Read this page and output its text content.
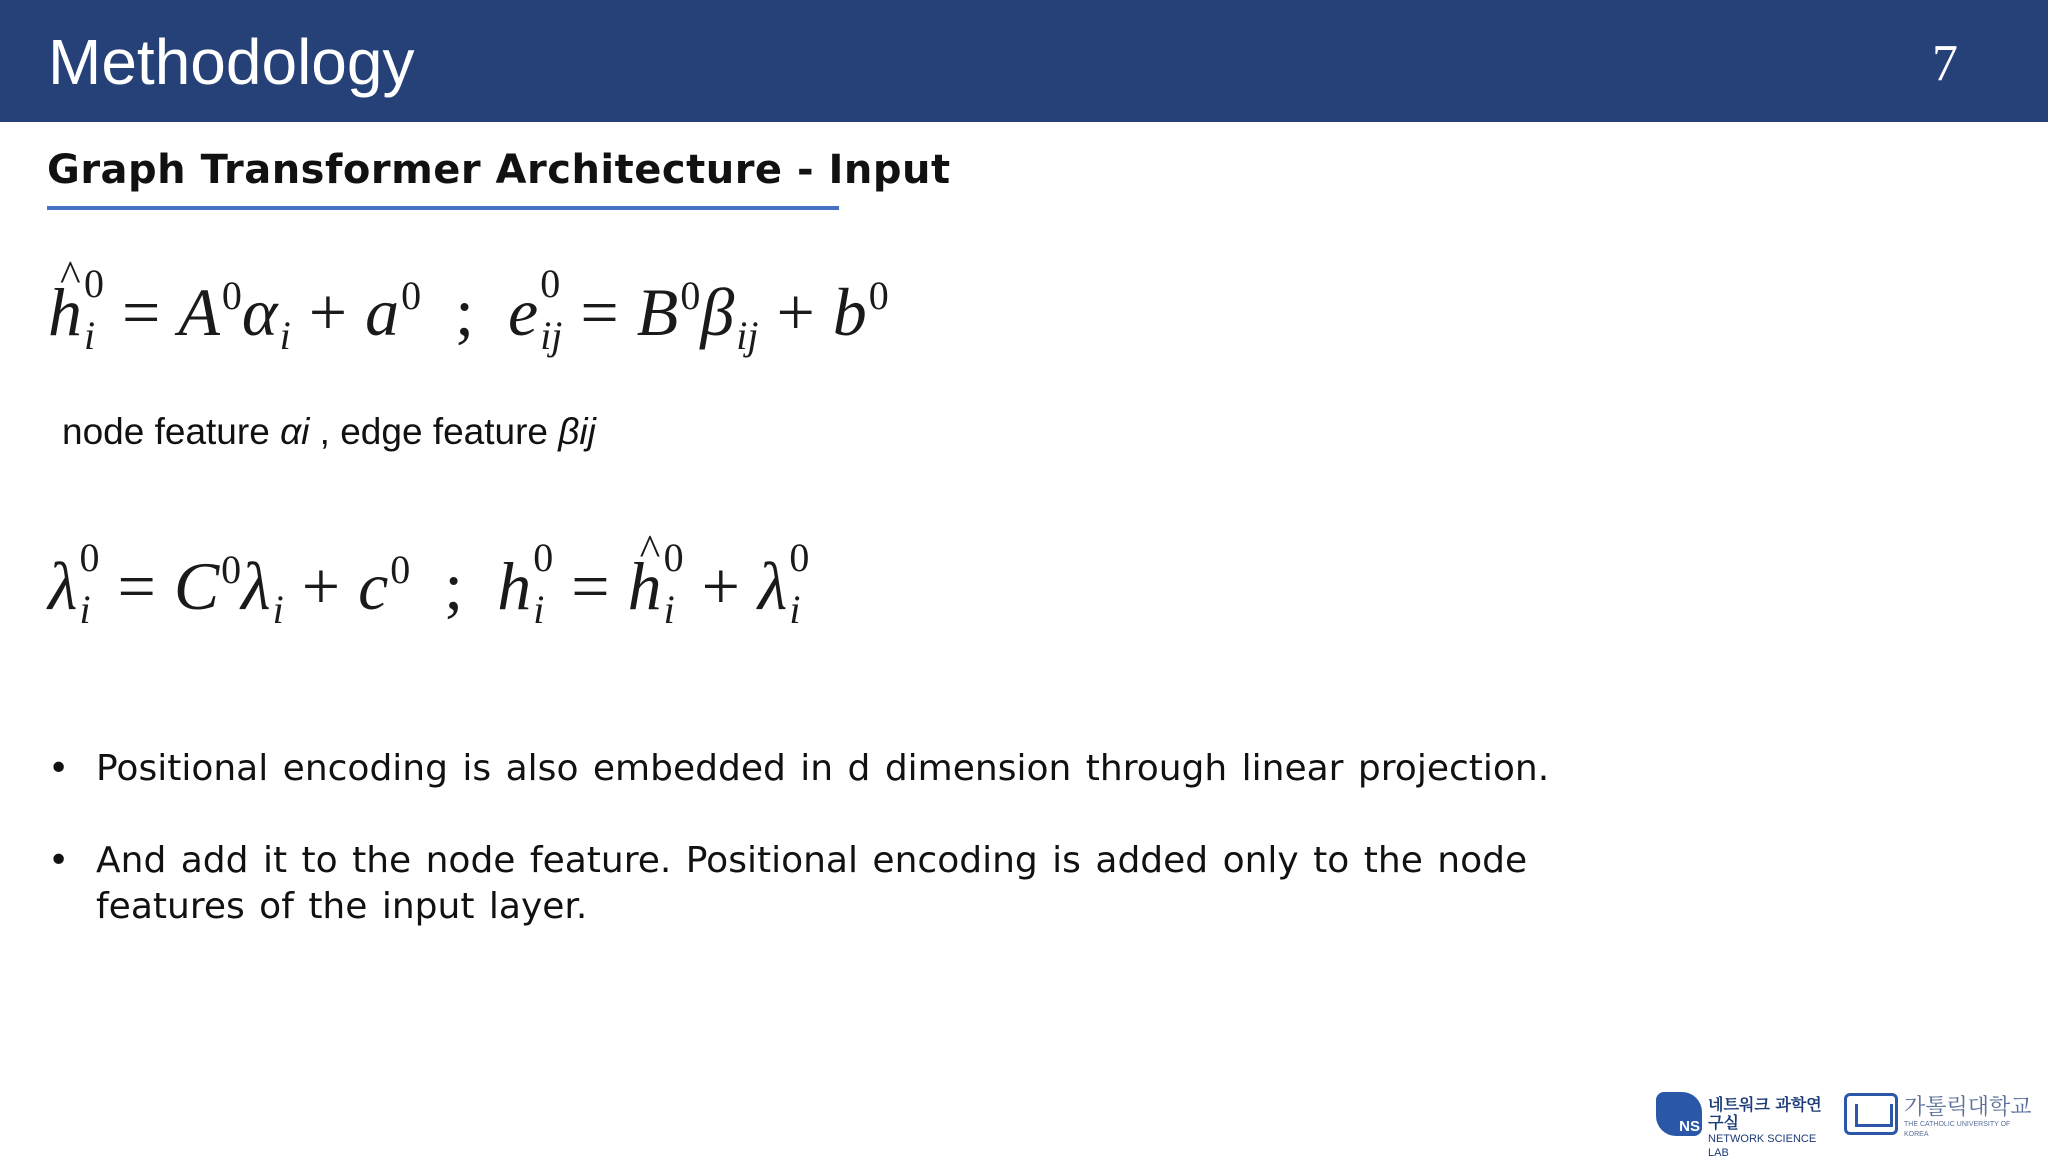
Methodology	7
Graph Transformer Architecture - Input
^ h 0
$i = A^0\alpha_i + a^0$ ; e 0
ij = $B^0\beta_{ij} + b^0$
node feature αi , edge feature βij
λ 0
$i = C^0\lambda_i + c^0$ ; h 0
i =^ h 0
i + λ 0
i
• Positional encoding is also embedded in d dimension through linear projection.
• And add it to the node feature. Positional encoding is added only to the node features of the input layer.
NS
네트워크 과학연구실
NETWORK SCIENCE LAB
가톨릭대학교
THE CATHOLIC UNIVERSITY OF KOREA
